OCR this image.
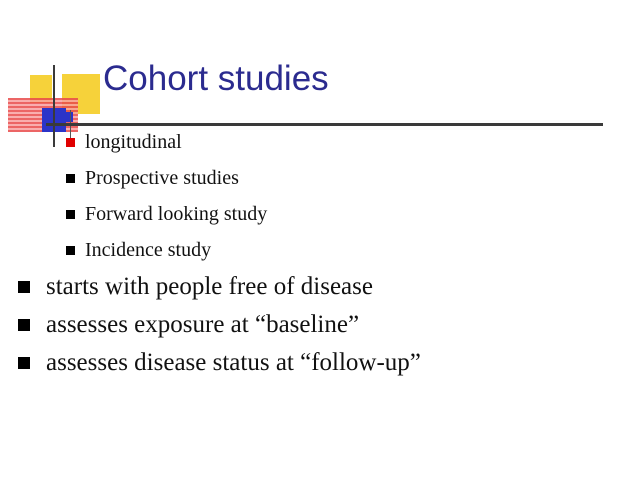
Cohort studies
longitudinal
Prospective studies
Forward looking study
Incidence study
starts with people free of disease
assesses exposure at “baseline”
assesses disease status at “follow-up”
